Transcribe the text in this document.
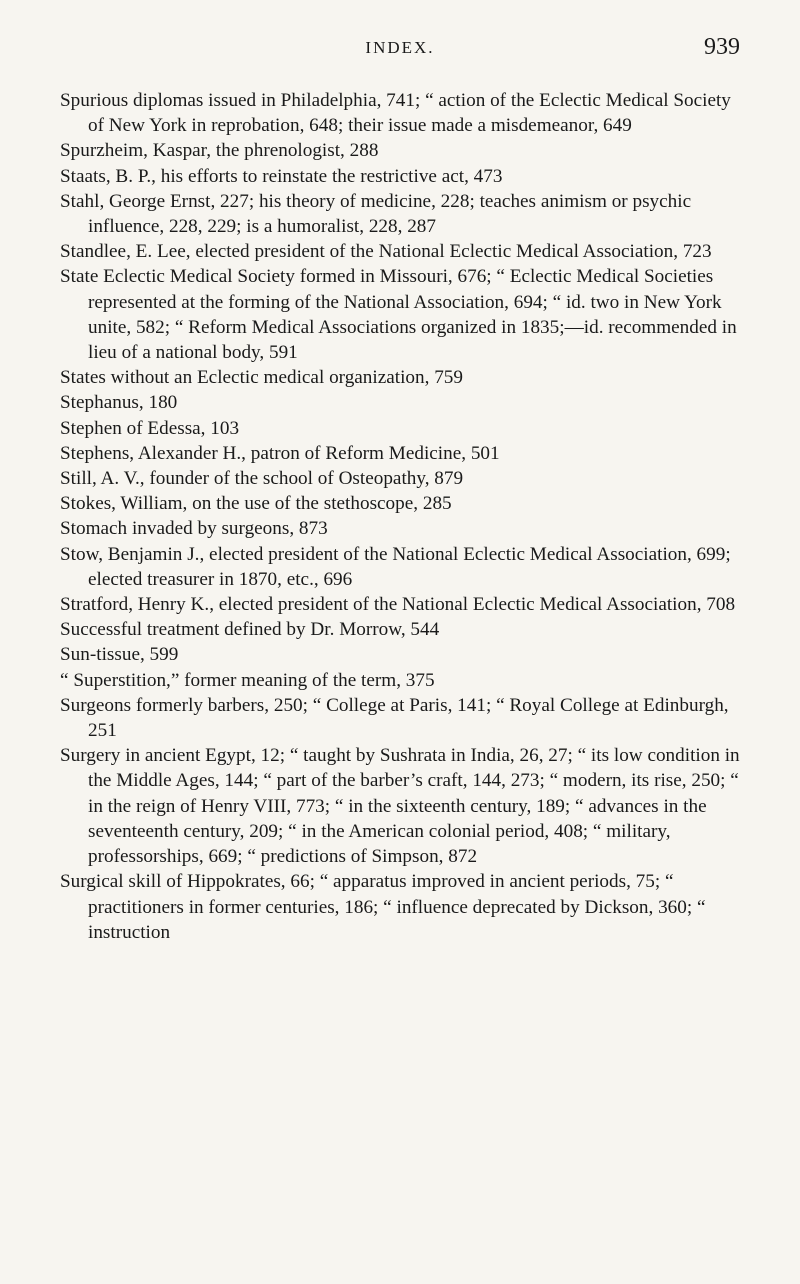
INDEX.	939

Spurious diplomas issued in Philadelphia, 741; “ action of the Eclectic Medical Society of New York in reprobation, 648; their issue made a misdemeanor, 649

Spurzheim, Kaspar, the phrenologist, 288

Staats, B. P., his efforts to reinstate the restrictive act, 473

Stahl, George Ernst, 227; his theory of medicine, 228; teaches animism or psychic influence, 228, 229; is a humoralist, 228, 287

Standlee, E. Lee, elected president of the National Eclectic Medical Association, 723

State Eclectic Medical Society formed in Missouri, 676; “ Eclectic Medical Societies represented at the forming of the National Association, 694; “ id. two in New York unite, 582; “ Reform Medical Associations organized in 1835;—id. recommended in lieu of a national body, 591

States without an Eclectic medical organization, 759

Stephanus, 180

Stephen of Edessa, 103

Stephens, Alexander H., patron of Reform Medicine, 501

Still, A. V., founder of the school of Osteopathy, 879

Stokes, William, on the use of the stethoscope, 285

Stomach invaded by surgeons, 873

Stow, Benjamin J., elected president of the National Eclectic Medical Association, 699; elected treasurer in 1870, etc., 696

Stratford, Henry K., elected president of the National Eclectic Medical Association, 708

Successful treatment defined by Dr. Morrow, 544

Sun-tissue, 599

“ Superstition,” former meaning of the term, 375

Surgeons formerly barbers, 250; “ College at Paris, 141; “ Royal College at Edinburgh, 251

Surgery in ancient Egypt, 12; “ taught by Sushrata in India, 26, 27; “ its low condition in the Middle Ages, 144; “ part of the barber’s craft, 144, 273; “ modern, its rise, 250; “ in the reign of Henry VIII, 773; “ in the sixteenth century, 189; “ advances in the seventeenth century, 209; “ in the American colonial period, 408; “ military, professorships, 669; “ predictions of Simpson, 872

Surgical skill of Hippokrates, 66; “ apparatus improved in ancient periods, 75; “ practitioners in former centuries, 186; “ influence deprecated by Dickson, 360; “ instruction
